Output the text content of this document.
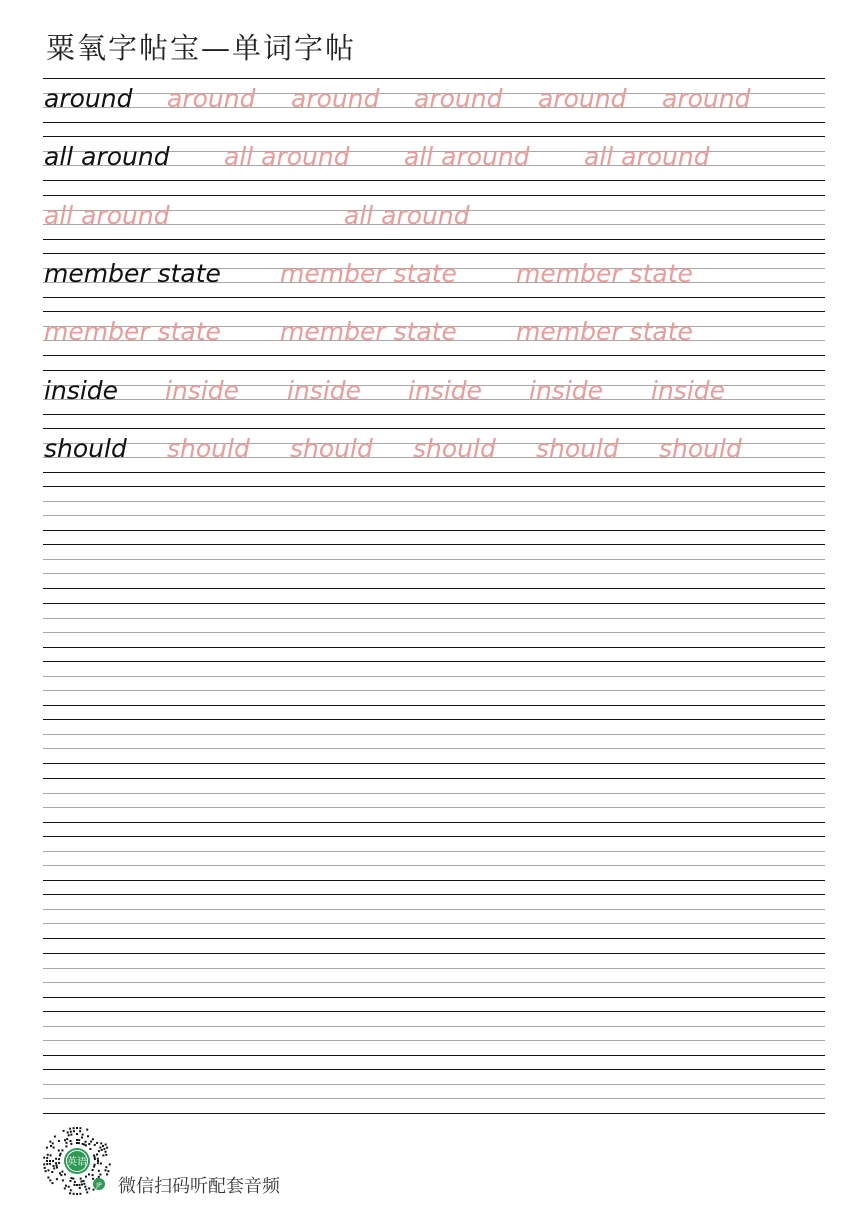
粟氧字帖宝—单词字帖
around around around around around around
all around all around all around all around
all around	all around
member state member state member state
member state member state member state
inside inside inside inside inside inside
should should should should should should
英语
JP 微信扫码听配套音频
